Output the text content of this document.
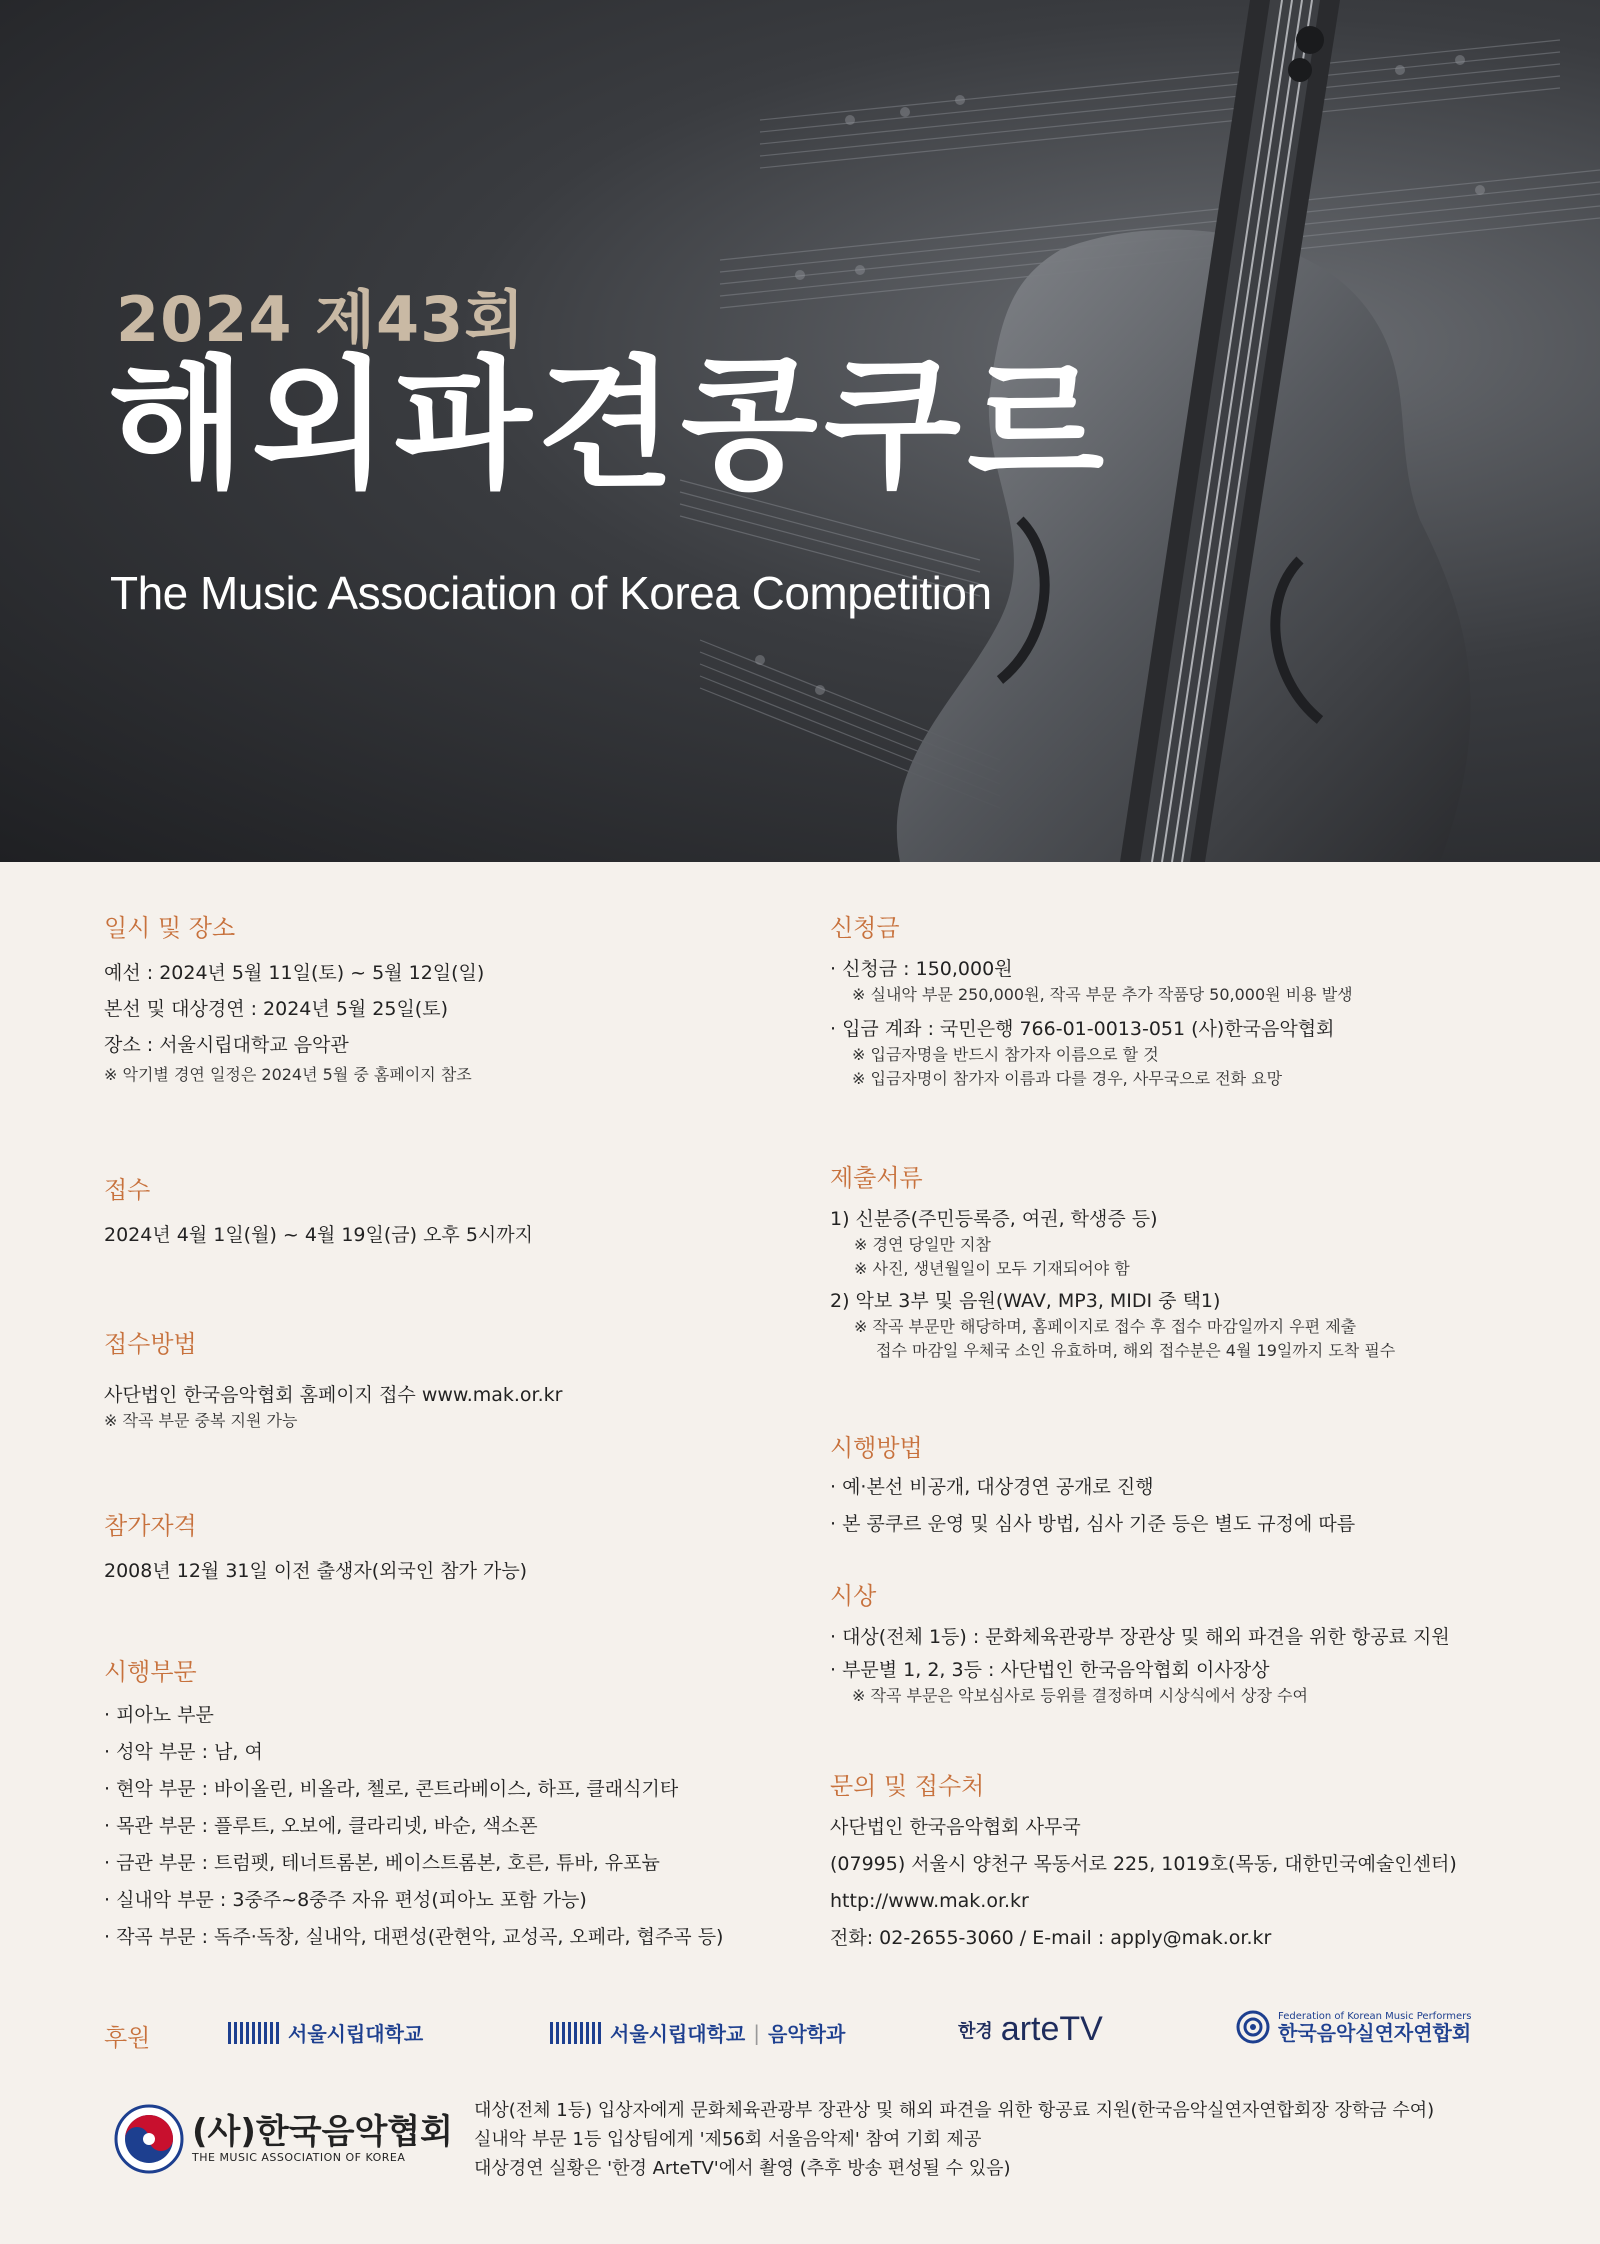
2024 제43회
해외파견콩쿠르
The Music Association of Korea Competition
일시 및 장소
예선 : 2024년 5월 11일(토) ~ 5월 12일(일)
본선 및 대상경연 : 2024년 5월 25일(토)
장소 : 서울시립대학교 음악관
※ 악기별 경연 일정은 2024년 5월 중 홈페이지 참조
접수
2024년 4월 1일(월) ~ 4월 19일(금) 오후 5시까지
접수방법
사단법인 한국음악협회 홈페이지 접수 www.mak.or.kr
※ 작곡 부문 중복 지원 가능
참가자격
2008년 12월 31일 이전 출생자(외국인 참가 가능)
시행부문
· 피아노 부문
· 성악 부문 : 남, 여
· 현악 부문 : 바이올린, 비올라, 첼로, 콘트라베이스, 하프, 클래식기타
· 목관 부문 : 플루트, 오보에, 클라리넷, 바순, 색소폰
· 금관 부문 : 트럼펫, 테너트롬본, 베이스트롬본, 호른, 튜바, 유포늄
· 실내악 부문 : 3중주~8중주 자유 편성(피아노 포함 가능)
· 작곡 부문 : 독주·독창, 실내악, 대편성(관현악, 교성곡, 오페라, 협주곡 등)
신청금
· 신청금 : 150,000원
※ 실내악 부문 250,000원, 작곡 부문 추가 작품당 50,000원 비용 발생
· 입금 계좌 : 국민은행 766-01-0013-051 (사)한국음악협회
※ 입금자명을 반드시 참가자 이름으로 할 것
※ 입금자명이 참가자 이름과 다를 경우, 사무국으로 전화 요망
제출서류
1) 신분증(주민등록증, 여권, 학생증 등)
※ 경연 당일만 지참
※ 사진, 생년월일이 모두 기재되어야 함
2) 악보 3부 및 음원(WAV, MP3, MIDI 중 택1)
※ 작곡 부문만 해당하며, 홈페이지로 접수 후 접수 마감일까지 우편 제출
접수 마감일 우체국 소인 유효하며, 해외 접수분은 4월 19일까지 도착 필수
시행방법
· 예·본선 비공개, 대상경연 공개로 진행
· 본 콩쿠르 운영 및 심사 방법, 심사 기준 등은 별도 규정에 따름
시상
· 대상(전체 1등) : 문화체육관광부 장관상 및 해외 파견을 위한 항공료 지원
· 부문별 1, 2, 3등 : 사단법인 한국음악협회 이사장상
※ 작곡 부문은 악보심사로 등위를 결정하며 시상식에서 상장 수여
문의 및 접수처
사단법인 한국음악협회 사무국
(07995) 서울시 양천구 목동서로 225, 1019호(목동, 대한민국예술인센터)
http://www.mak.or.kr
전화: 02-2655-3060 / E-mail : apply@mak.or.kr
후원	서울시립대학교	서울시립대학교 | 음악학과	한경 arteTV	Federation of Korean Music Performers
한국음악실연자연합회
(사)한국음악협회
THE MUSIC ASSOCIATION OF KOREA
대상(전체 1등) 입상자에게 문화체육관광부 장관상 및 해외 파견을 위한 항공료 지원(한국음악실연자연합회장 장학금 수여)
실내악 부문 1등 입상팀에게 '제56회 서울음악제' 참여 기회 제공
대상경연 실황은 '한경 ArteTV'에서 촬영 (추후 방송 편성될 수 있음)
